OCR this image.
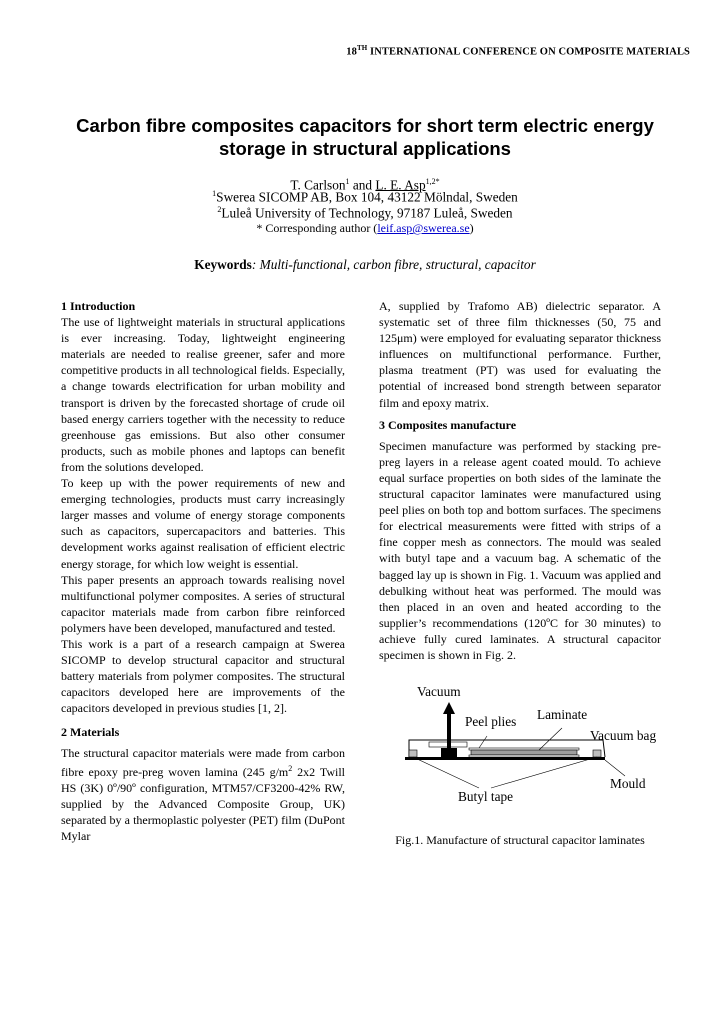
18TH INTERNATIONAL CONFERENCE ON COMPOSITE MATERIALS
Carbon fibre composites capacitors for short term electric energy storage in structural applications
T. Carlson$^1$ and L. E. Asp$^{1,2*}$
$^1$Swerea SICOMP AB, Box 104, 43122 Mölndal, Sweden
$^2$Luleå University of Technology, 97187 Luleå, Sweden
* Corresponding author (leif.asp@swerea.se)
Keywords: Multi-functional, carbon fibre, structural, capacitor
1 Introduction

The use of lightweight materials in structural applications is ever increasing. Today, lightweight engineering materials are needed to realise greener, safer and more competitive products in all technological fields. Especially, a change towards electrification for urban mobility and transport is driven by the forecasted shortage of crude oil based energy carriers together with the necessity to reduce greenhouse gas emissions. But also other consumer products, such as mobile phones and laptops can benefit from the solutions developed.

To keep up with the power requirements of new and emerging technologies, products must carry increasingly larger masses and volume of energy storage components such as capacitors, supercapacitors and batteries. This development works against realisation of efficient electric energy storage, for which low weight is essential.

This paper presents an approach towards realising novel multifunctional polymer composites. A series of structural capacitor materials made from carbon fibre reinforced polymers have been developed, manufactured and tested.

This work is a part of a research campaign at Swerea SICOMP to develop structural capacitor and structural battery materials from polymer composites. The structural capacitors developed here are improvements of the capacitors developed in previous studies [1, 2].

2 Materials

The structural capacitor materials were made from carbon fibre epoxy pre-preg woven lamina (245 $g/m^2$ 2x2 Twill HS (3K) 0º/90º configuration, MTM57/CF3200-42% RW, supplied by the Advanced Composite Group, UK) separated by a thermoplastic polyester (PET) film (DuPont Mylar

A, supplied by Trafomo AB) dielectric separator. A systematic set of three film thicknesses (50, 75 and 125μm) were employed for evaluating separator thickness influences on multifunctional performance. Further, plasma treatment (PT) was used for evaluating the potential of increased bond strength between separator film and epoxy matrix.

3 Composites manufacture

Specimen manufacture was performed by stacking pre-preg layers in a release agent coated mould. To achieve equal surface properties on both sides of the laminate the structural capacitor laminates were manufactured using peel plies on both top and bottom surfaces. The specimens for electrical measurements were fitted with strips of a fine copper mesh as connectors. The mould was sealed with butyl tape and a vacuum bag. A schematic of the bagged lay up is shown in Fig. 1. Vacuum was applied and debulking without heat was performed. The mould was then placed in an oven and heated according to the supplier’s recommendations (120ºC for 30 minutes) to achieve fully cured laminates. A structural capacitor specimen is shown in Fig. 2.

Vacuum
Laminate
Peel plies
Vacuum bag
Mould
Butyl tape
Fig.1. Manufacture of structural capacitor laminates
